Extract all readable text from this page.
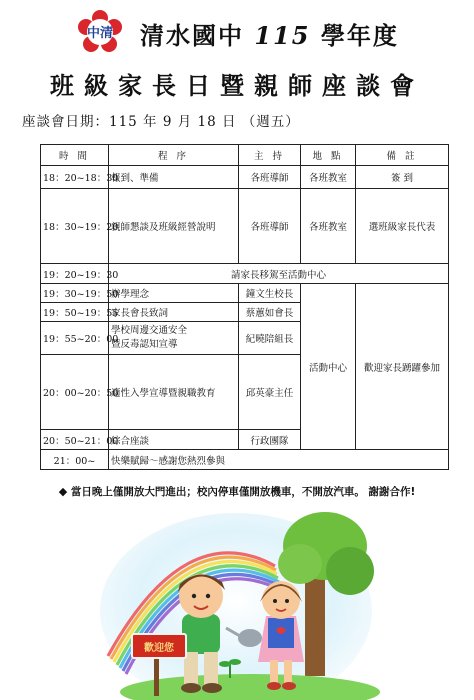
中清 清水國中 115 學年度
班級家長日暨親師座談會
座談會日期：115 年 9 月 18 日 （週五）
時 間	程 序	主 持	地 點	備 註
18：20~18：30	報到、準備	各班導師	各班教室	簽 到
18：30~19：20	親師懇談及班級經營說明	各班導師	各班教室	選班級家長代表
19：20~19：30	請家長移駕至活動中心			
19：30~19：50	辦學理念	鐘文生校長	活動中心	歡迎家長踴躍參加
19：50~19：55	家長會長致詞	蔡蕙如會長		
19：55~20：00	學校周邊交通安全
暨反毒認知宣導	紀曉陪組長		
20：00~20：50	適性入學宣導暨親職教育	邱英豪主任		
20：50~21：00	綜合座談	行政團隊		
21：00~	快樂賦歸～感謝您熱烈參與			
◆ 當日晚上僅開放大門進出；校內停車僅開放機車，不開放汽車。 謝謝合作!
歡迎您
